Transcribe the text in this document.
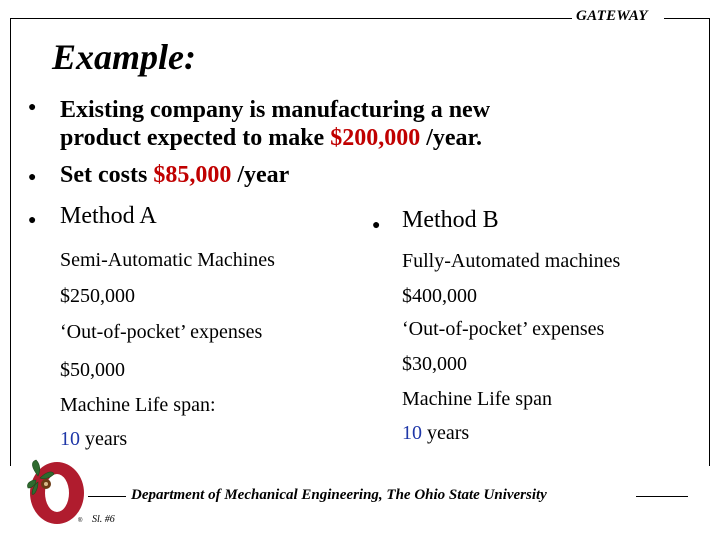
GATEWAY
Example:
● Existing company is manufacturing a new product expected to make $200,000 /year.
● Set costs $85,000 /year
● Method A
Semi-Automatic Machines
$250,000
‘Out-of-pocket’ expenses
$50,000
Machine Life span:
10 years
● Method B
Fully-Automated machines
$400,000
‘Out-of-pocket’ expenses
$30,000
Machine Life span
10 years
®
Department of Mechanical Engineering, The Ohio State University
Sl. #6
